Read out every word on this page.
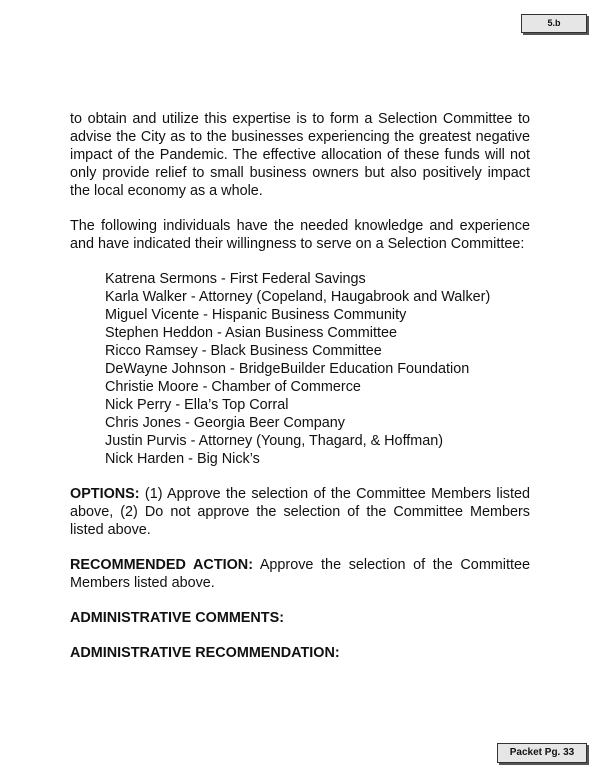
5.b

to obtain and utilize this expertise is to form a Selection Committee to advise the City as to the businesses experiencing the greatest negative impact of the Pandemic. The effective allocation of these funds will not only provide relief to small business owners but also positively impact the local economy as a whole.

The following individuals have the needed knowledge and experience and have indicated their willingness to serve on a Selection Committee:

Katrena Sermons - First Federal Savings
Karla Walker - Attorney (Copeland, Haugabrook and Walker)
Miguel Vicente - Hispanic Business Community
Stephen Heddon - Asian Business Committee
Ricco Ramsey - Black Business Committee
DeWayne Johnson - BridgeBuilder Education Foundation
Christie Moore - Chamber of Commerce
Nick Perry - Ella’s Top Corral
Chris Jones - Georgia Beer Company
Justin Purvis - Attorney (Young, Thagard, & Hoffman)
Nick Harden - Big Nick’s

OPTIONS: (1) Approve the selection of the Committee Members listed above, (2) Do not approve the selection of the Committee Members listed above.

RECOMMENDED ACTION: Approve the selection of the Committee Members listed above.

ADMINISTRATIVE COMMENTS:
ADMINISTRATIVE RECOMMENDATION:
Packet Pg. 33
